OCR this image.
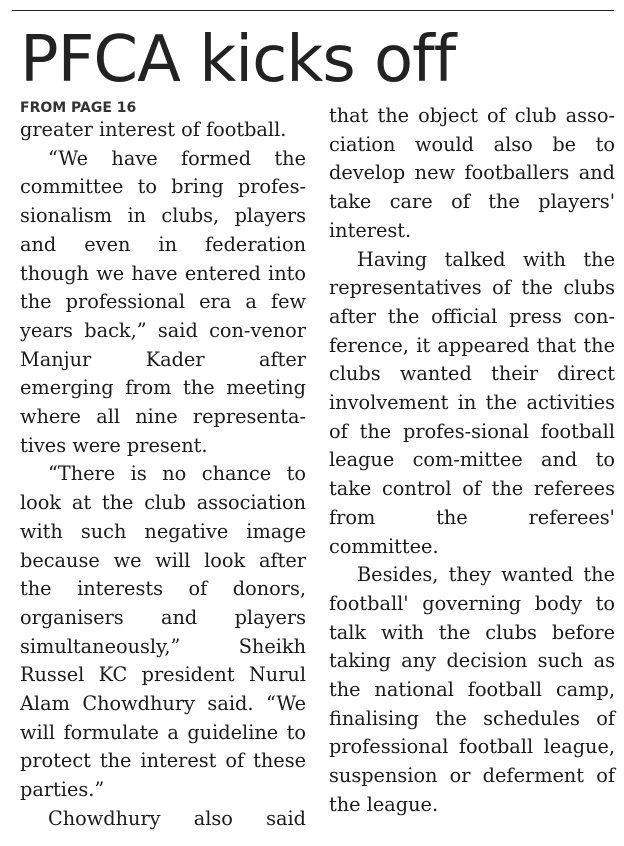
PFCA kicks off
FROM PAGE 16

greater interest of football.

“We have formed the committee to bring profes-sionalism in clubs, players and even in federation though we have entered into the professional era a few years back,” said con-venor Manjur Kader after emerging from the meeting where all nine representa-tives were present.

“There is no chance to look at the club association with such negative image because we will look after the interests of donors, organisers and players simultaneously,” Sheikh Russel KC president Nurul Alam Chowdhury said. “We will formulate a guideline to protect the interest of these parties.”

Chowdhury also said

that the object of club asso-ciation would also be to develop new footballers and take care of the players' interest.

Having talked with the representatives of the clubs after the official press con-ference, it appeared that the clubs wanted their direct involvement in the activities of the profes-sional football league com-mittee and to take control of the referees from the referees' committee.

Besides, they wanted the football' governing body to talk with the clubs before taking any decision such as the national football camp, finalising the schedules of professional football league, suspension or deferment of the league.
